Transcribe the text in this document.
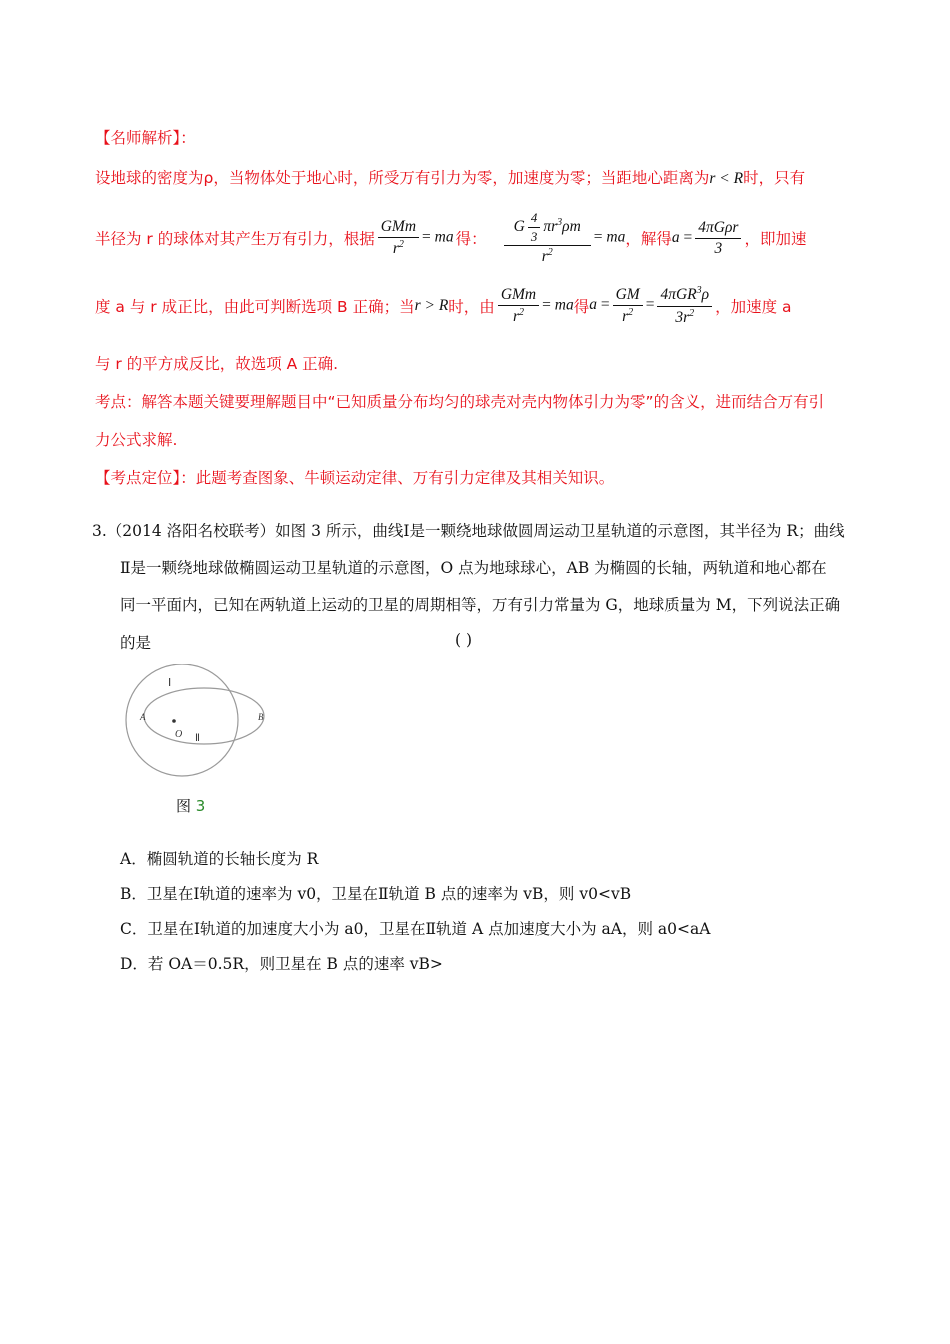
【名师解析】：
设地球的密度为ρ，当物体处于地心时，所受万有引力为零，加速度为零；当距地心距离为r < R时，只有
半径为 r 的球体对其产生万有引力，根据 $\frac{\text{GMm}}{r^2}$ = ma 得： $\frac{G \frac{4}{3} \pi r^3\rho m}{r^2}$ = ma ，解得 $a = \frac{\text{4πGρr}}{3}$ ，即加速
度 a 与 r 成正比，由此可判断选项 B 正确；当 r > R 时，由 $\frac{\text{GMm}}{r^2}$ = ma 得 $a = \frac{GM}{r^2} = \frac{4\pi GR^3\rho}{3r^2}$ ，加速度 a
与 r 的平方成反比，故选项 A 正确.
考点：解答本题关键要理解题目中“已知质量分布均匀的球壳对壳内物体引力为零”的含义，进而结合万有引
力公式求解.
【考点定位】：此题考查图象、牛顿运动定律、万有引力定律及其相关知识。
3.（2014 洛阳名校联考）如图 3 所示，曲线Ⅰ是一颗绕地球做圆周运动卫星轨道的示意图，其半径为 R；曲线
Ⅱ是一颗绕地球做椭圆运动卫星轨道的示意图，O 点为地球球心，AB 为椭圆的长轴，两轨道和地心都在
同一平面内，已知在两轨道上运动的卫星的周期相等，万有引力常量为 G，地球质量为 M，下列说法正确
的是	( )
Ⅰ
A	B
O Ⅱ
图 3
A．椭圆轨道的长轴长度为 R
B．卫星在Ⅰ轨道的速率为 v0，卫星在Ⅱ轨道 B 点的速率为 vB，则 v0<vB
C．卫星在Ⅰ轨道的加速度大小为 a0，卫星在Ⅱ轨道 A 点加速度大小为 aA，则 a0<aA
D．若 OA＝0.5R，则卫星在 B 点的速率 vB>
